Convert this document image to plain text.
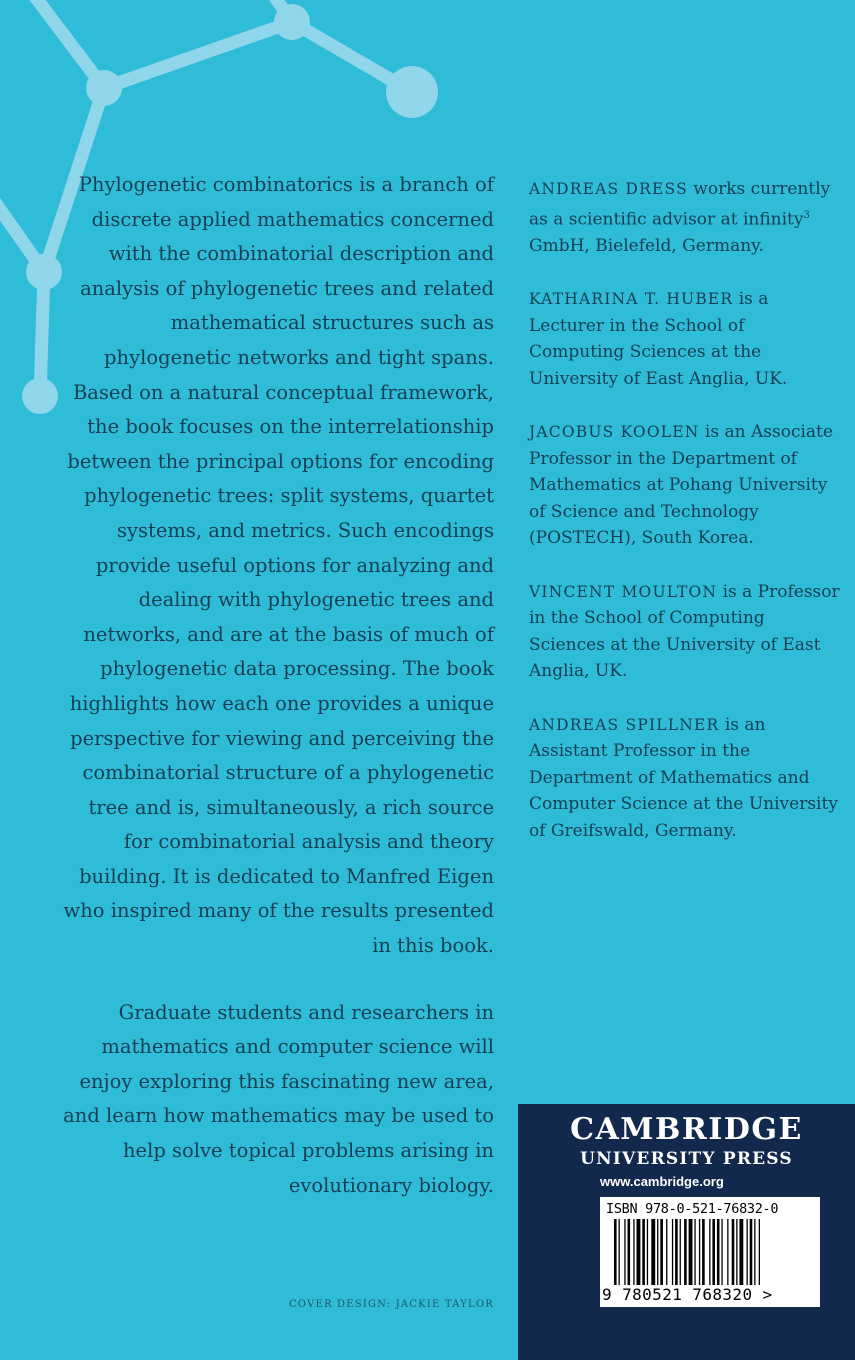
Phylogenetic combinatorics is a branch of discrete applied mathematics concerned with the combinatorial description and analysis of phylogenetic trees and related mathematical structures such as phylogenetic networks and tight spans. Based on a natural conceptual framework, the book focuses on the interrelationship between the principal options for encoding phylogenetic trees: split systems, quartet systems, and metrics. Such encodings provide useful options for analyzing and dealing with phylogenetic trees and networks, and are at the basis of much of phylogenetic data processing. The book highlights how each one provides a unique perspective for viewing and perceiving the combinatorial structure of a phylogenetic tree and is, simultaneously, a rich source for combinatorial analysis and theory building. It is dedicated to Manfred Eigen who inspired many of the results presented in this book.

Graduate students and researchers in mathematics and computer science will enjoy exploring this fascinating new area, and learn how mathematics may be used to help solve topical problems arising in evolutionary biology.

ANDREAS DRESS works currently as a scientific advisor at infinity$^3$ GmbH, Bielefeld, Germany.

KATHARINA T. HUBER is a Lecturer in the School of Computing Sciences at the University of East Anglia, UK.

JACOBUS KOOLEN is an Associate Professor in the Department of Mathematics at Pohang University of Science and Technology (POSTECH), South Korea.

VINCENT MOULTON is a Professor in the School of Computing Sciences at the University of East Anglia, UK.

ANDREAS SPILLNER is an Assistant Professor in the Department of Mathematics and Computer Science at the University of Greifswald, Germany.

COVER DESIGN: JACKIE TAYLOR
CAMBRIDGE
UNIVERSITY PRESS
www.cambridge.org
ISBN 978-0-521-76832-0
9 780521 768320 >
